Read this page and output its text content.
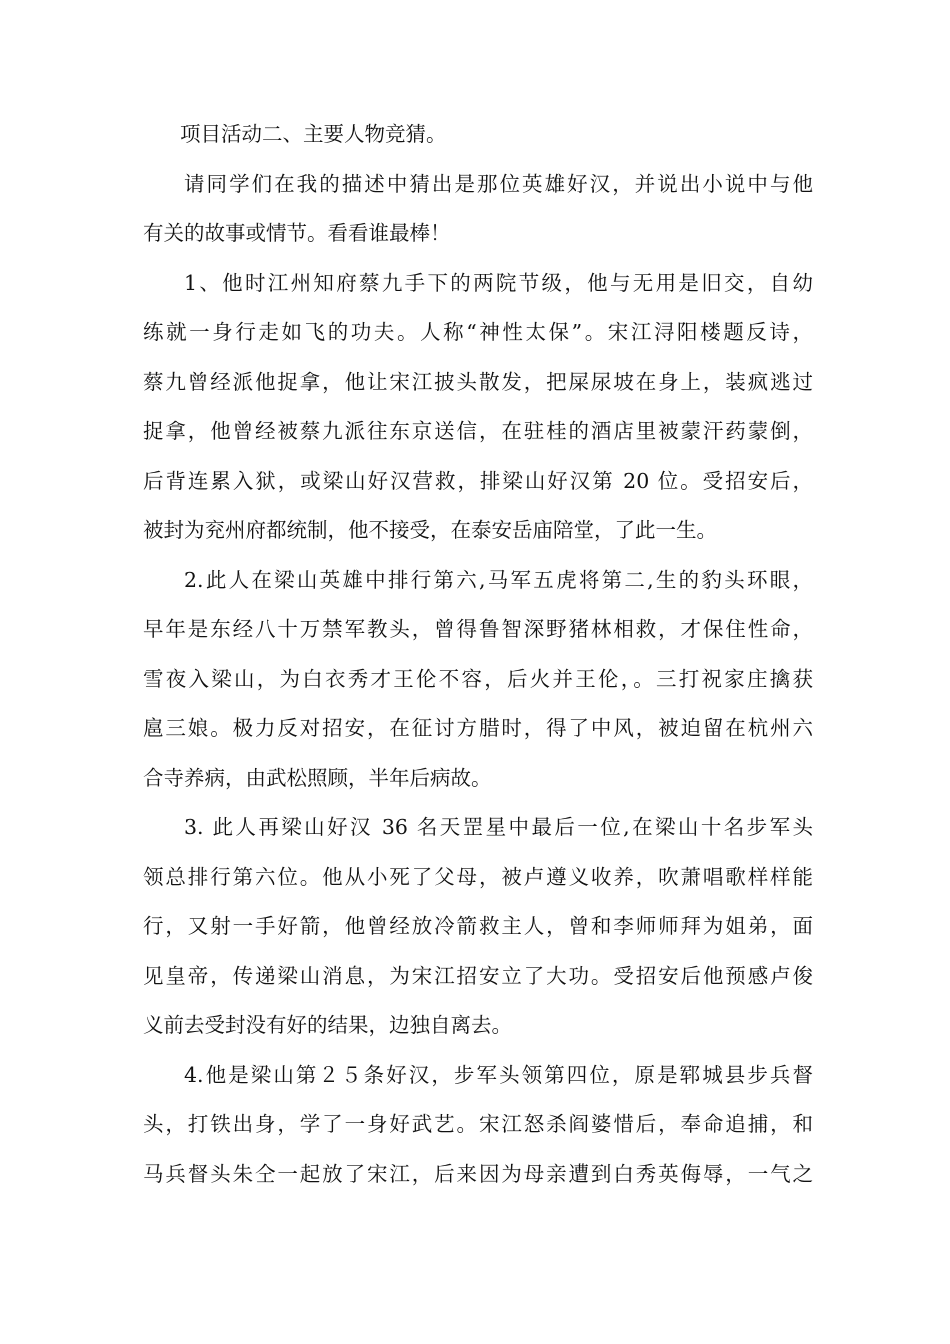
项目活动二、主要人物竞猜。
请同学们在我的描述中猜出是那位英雄好汉，并说出小说中与他
有关的故事或情节。看看谁最棒！
1、他时江州知府蔡九手下的两院节级，他与无用是旧交，自幼
练就一身行走如飞的功夫。人称“神性太保”。宋江浔阳楼题反诗，
蔡九曾经派他捉拿，他让宋江披头散发，把屎尿坡在身上，装疯逃过
捉拿，他曾经被蔡九派往东京送信，在驻桂的酒店里被蒙汗药蒙倒，
后背连累入狱，或梁山好汉营救，排梁山好汉第 20 位。受招安后，
被封为兖州府都统制，他不接受，在泰安岳庙陪堂，了此一生。
2.此人在梁山英雄中排行第六,马军五虎将第二,生的豹头环眼，
早年是东经八十万禁军教头，曾得鲁智深野猪林相救，才保住性命，
雪夜入梁山，为白衣秀才王伦不容，后火并王伦，。三打祝家庄擒获
扈三娘。极力反对招安，在征讨方腊时，得了中风，被迫留在杭州六
合寺养病，由武松照顾，半年后病故。
3. 此人再梁山好汉 36 名天罡星中最后一位,在梁山十名步军头
领总排行第六位。他从小死了父母，被卢遵义收养，吹萧唱歌样样能
行，又射一手好箭，他曾经放冷箭救主人，曾和李师师拜为姐弟，面
见皇帝，传递梁山消息，为宋江招安立了大功。受招安后他预感卢俊
义前去受封没有好的结果，边独自离去。
4.他是梁山第２５条好汉，步军头领第四位，原是郓城县步兵督
头，打铁出身，学了一身好武艺。宋江怒杀阎婆惜后，奉命追捕，和
马兵督头朱仝一起放了宋江，后来因为母亲遭到白秀英侮辱，一气之
